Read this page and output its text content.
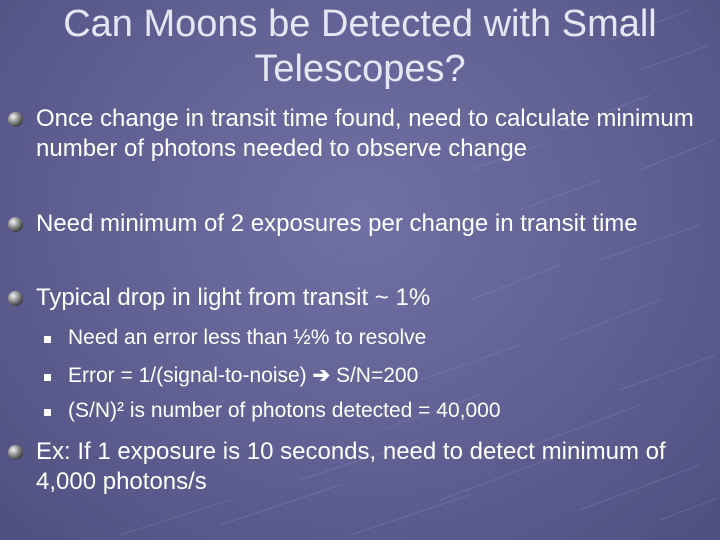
Can Moons be Detected with Small Telescopes?
Once change in transit time found, need to calculate minimum number of photons needed to observe change
Need minimum of 2 exposures per change in transit time
Typical drop in light from transit ~ 1%
Need an error less than ½% to resolve
Error = 1/(signal-to-noise) ➔ S/N=200
(S/N)² is number of photons detected = 40,000
Ex: If 1 exposure is 10 seconds, need to detect minimum of 4,000 photons/s
